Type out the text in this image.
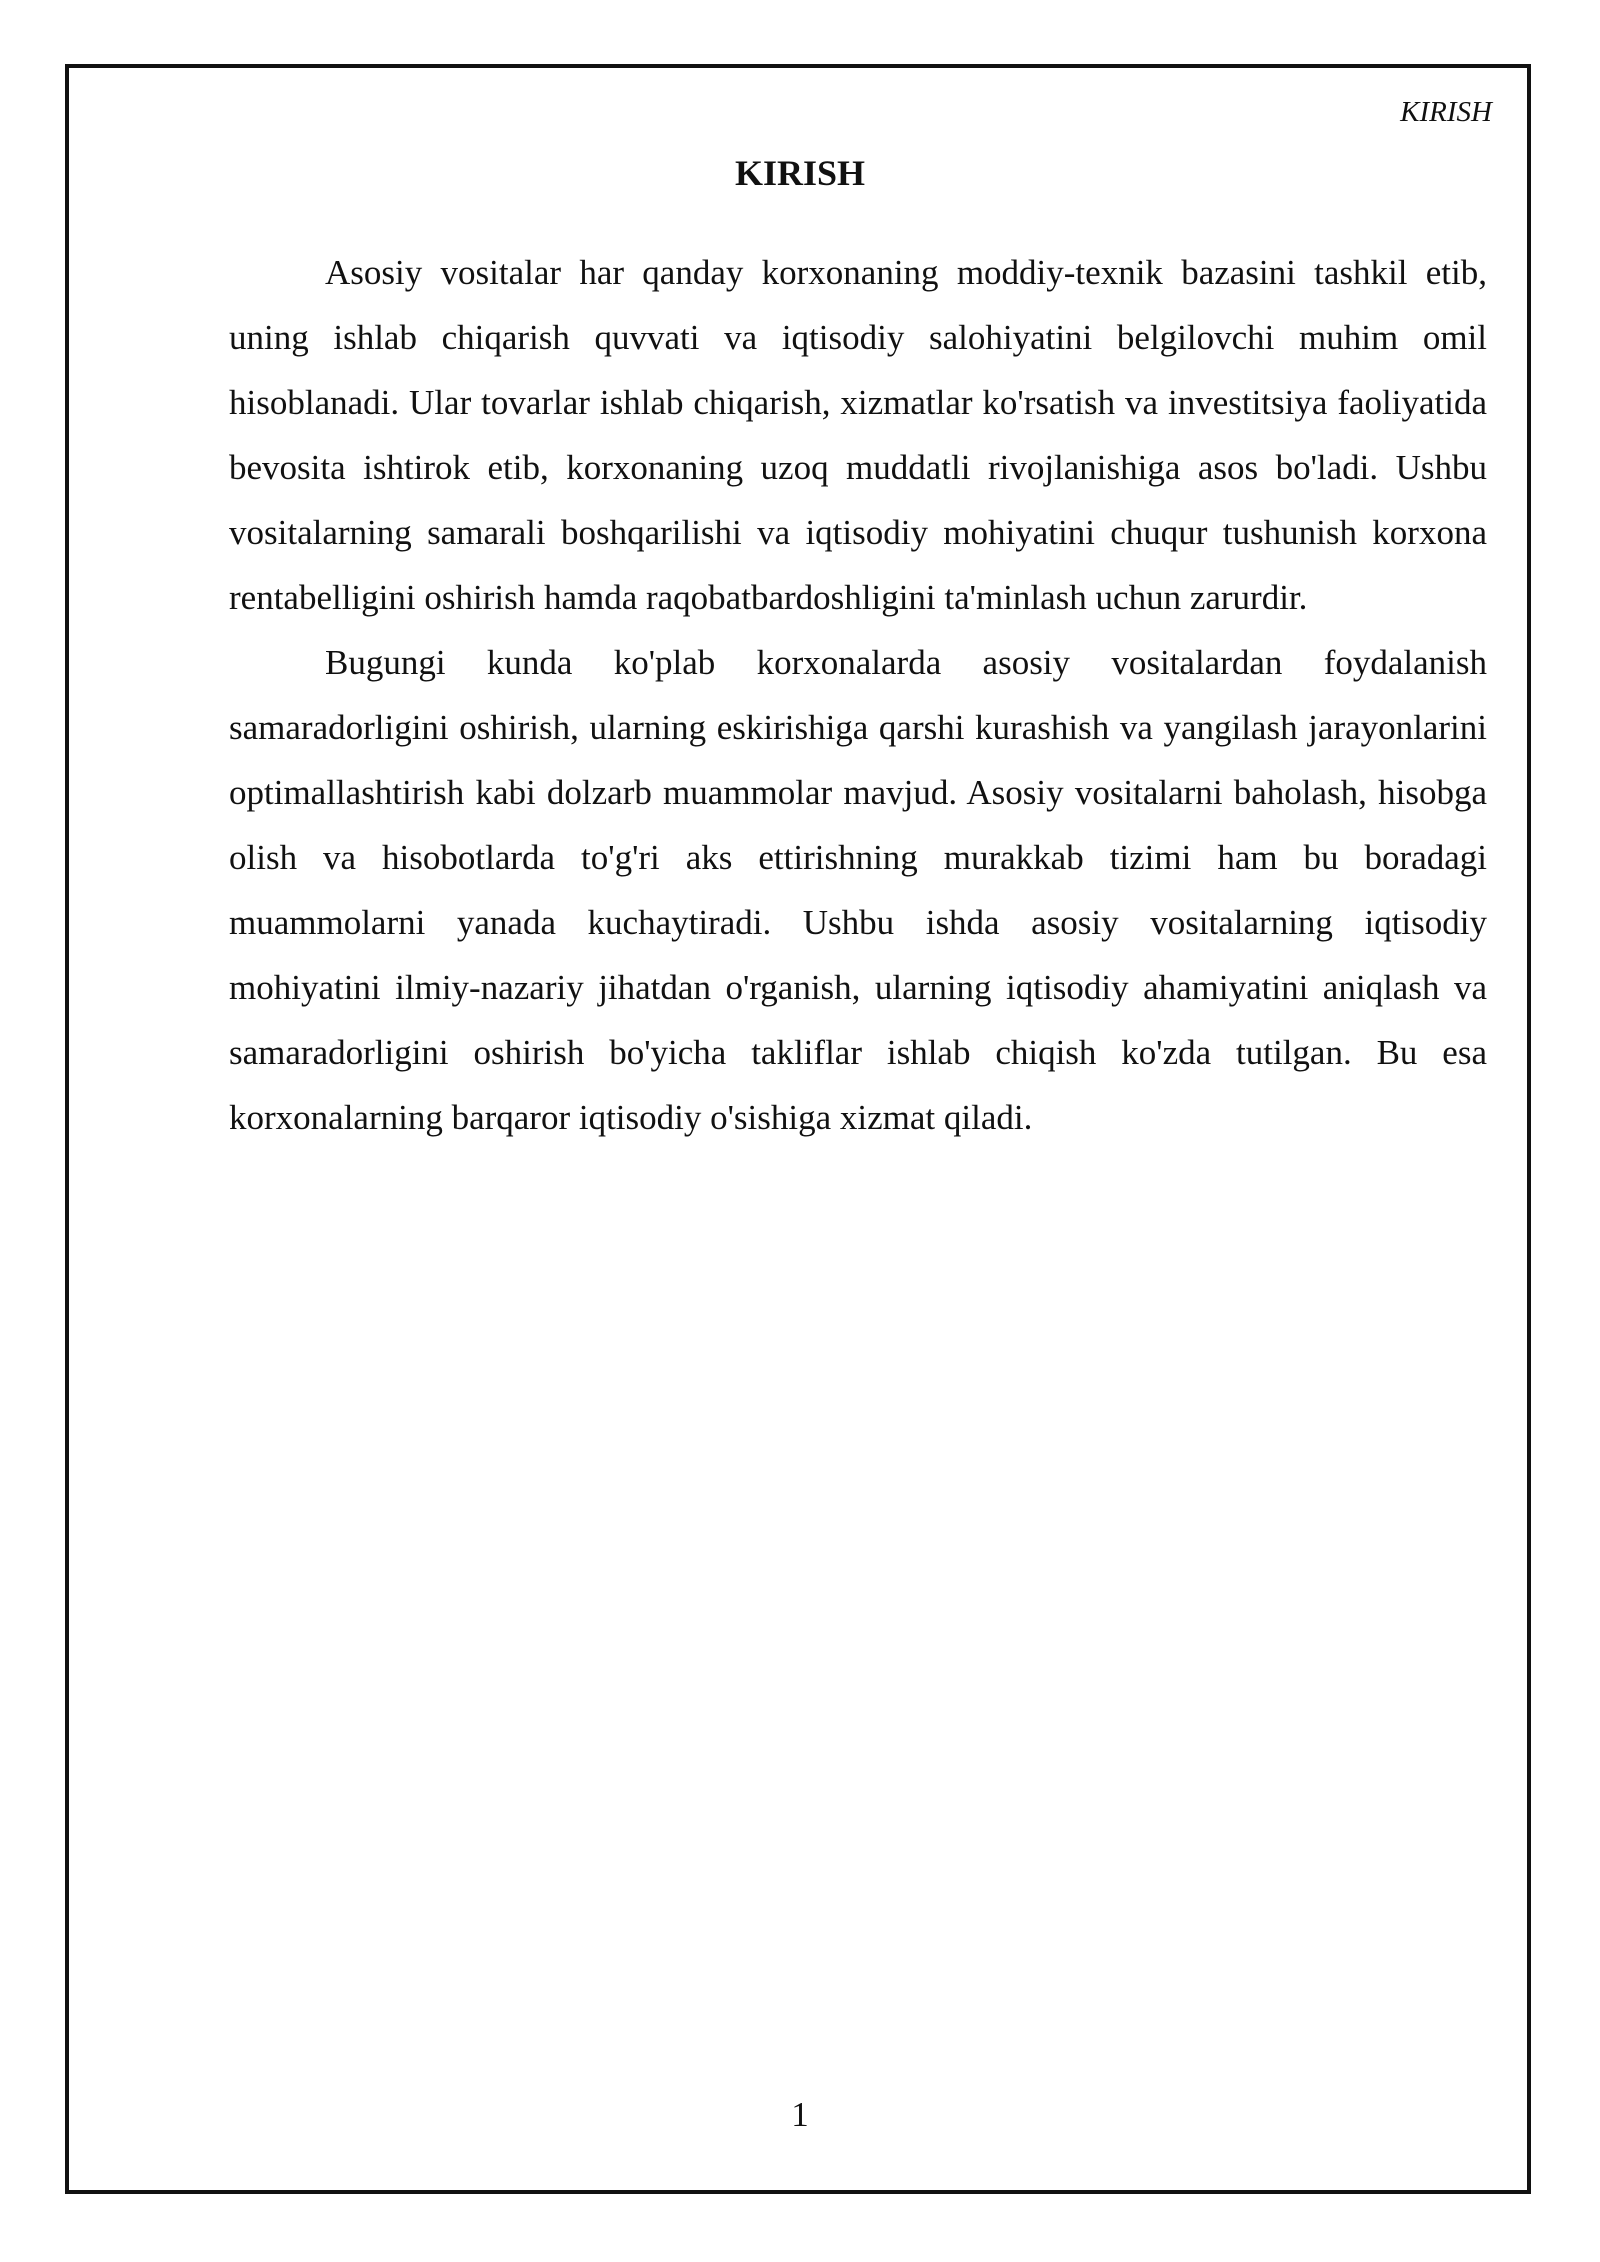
KIRISH
KIRISH

Asosiy vositalar har qanday korxonaning moddiy-texnik bazasini tashkil etib, uning ishlab chiqarish quvvati va iqtisodiy salohiyatini belgilovchi muhim omil hisoblanadi. Ular tovarlar ishlab chiqarish, xizmatlar ko'rsatish va investitsiya faoliyatida bevosita ishtirok etib, korxonaning uzoq muddatli rivojlanishiga asos bo'ladi. Ushbu vositalarning samarali boshqarilishi va iqtisodiy mohiyatini chuqur tushunish korxona rentabelligini oshirish hamda raqobatbardoshligini ta'minlash uchun zarurdir.

Bugungi kunda ko'plab korxonalarda asosiy vositalardan foydalanish samaradorligini oshirish, ularning eskirishiga qarshi kurashish va yangilash jarayonlarini optimallashtirish kabi dolzarb muammolar mavjud. Asosiy vositalarni baholash, hisobga olish va hisobotlarda to'g'ri aks ettirishning murakkab tizimi ham bu boradagi muammolarni yanada kuchaytiradi. Ushbu ishda asosiy vositalarning iqtisodiy mohiyatini ilmiy-nazariy jihatdan o'rganish, ularning iqtisodiy ahamiyatini aniqlash va samaradorligini oshirish bo'yicha takliflar ishlab chiqish ko'zda tutilgan. Bu esa korxonalarning barqaror iqtisodiy o'sishiga xizmat qiladi.

1
